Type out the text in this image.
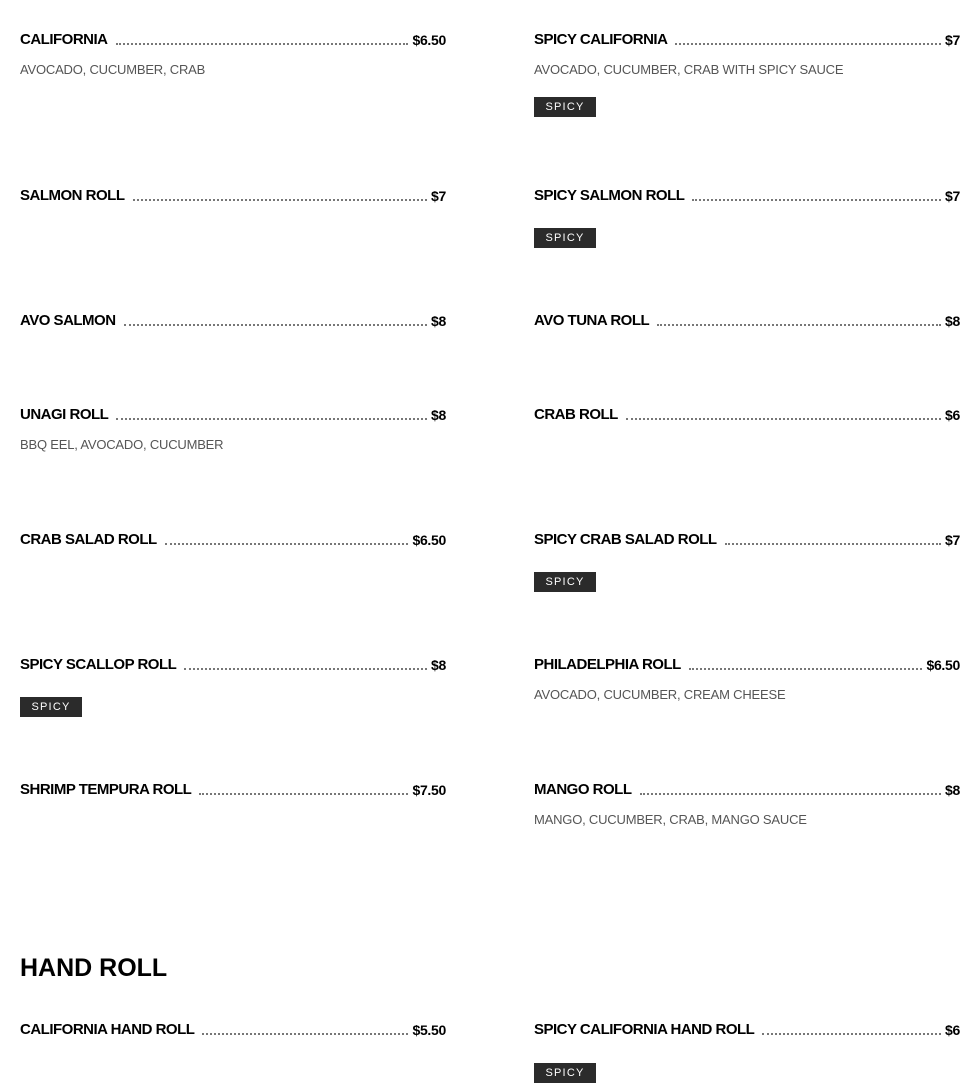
CALIFORNIA	$6.50
AVOCADO, CUCUMBER, CRAB
SPICY CALIFORNIA	$7
AVOCADO, CUCUMBER, CRAB WITH SPICY SAUCE
SPICY
SALMON ROLL	$7	SPICY SALMON ROLL	$7
SPICY
AVO SALMON	$8	AVO TUNA ROLL	$8
UNAGI ROLL	$8
BBQ EEL, AVOCADO, CUCUMBER
CRAB ROLL	$6
CRAB SALAD ROLL	$6.50	SPICY CRAB SALAD ROLL	$7
SPICY
SPICY SCALLOP ROLL	$8
SPICY
PHILADELPHIA ROLL	$6.50
AVOCADO, CUCUMBER, CREAM CHEESE
SHRIMP TEMPURA ROLL	$7.50	MANGO ROLL	$8
MANGO, CUCUMBER, CRAB, MANGO SAUCE
HAND ROLL
CALIFORNIA HAND ROLL	$5.50	SPICY CALIFORNIA HAND ROLL	$6
SPICY
